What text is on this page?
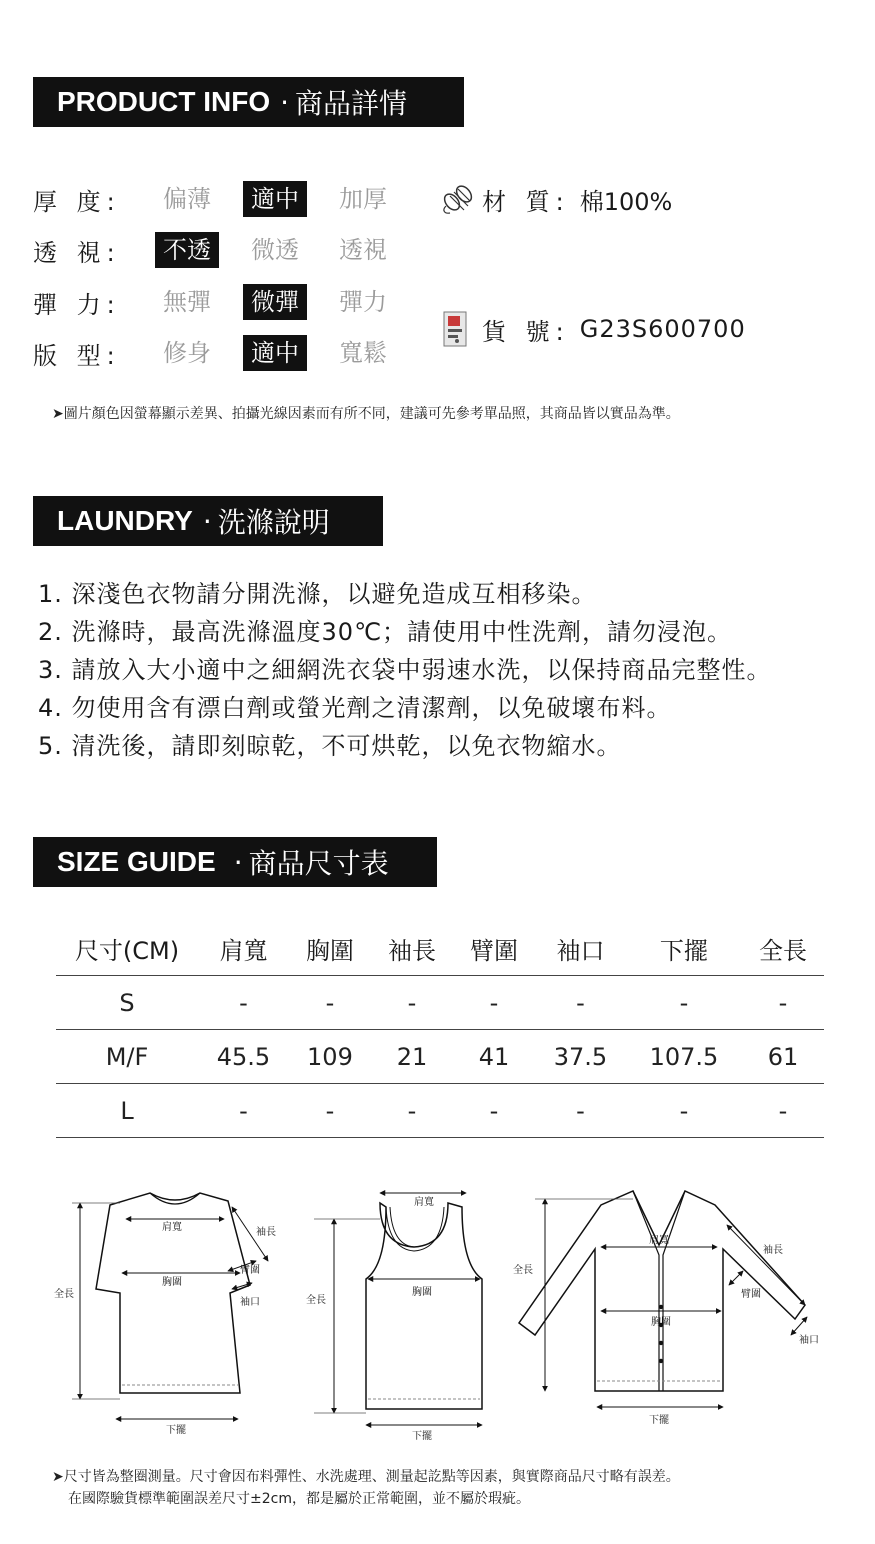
PRODUCT INFO · 商品詳情
厚 度:	偏薄	適中	加厚
透 視:	不透	微透	透視
彈 力:	無彈	微彈	彈力
版 型:	修身	適中	寬鬆
材 質: 棉100%
貨 號: G23S600700
➤圖片顏色因螢幕顯示差異、拍攝光線因素而有所不同，建議可先參考單品照，其商品皆以實品為準。
LAUNDRY · 洗滌說明
1. 深淺色衣物請分開洗滌，以避免造成互相移染。
2. 洗滌時，最高洗滌溫度30℃；請使用中性洗劑，請勿浸泡。
3. 請放入大小適中之細網洗衣袋中弱速水洗，以保持商品完整性。
4. 勿使用含有漂白劑或螢光劑之清潔劑，以免破壞布料。
5. 清洗後，請即刻晾乾，不可烘乾，以免衣物縮水。
SIZE GUIDE · 商品尺寸表
尺寸(CM)	肩寬	胸圍	袖長	臂圍	袖口	下擺	全長
S	-	-	-	-	-	-	-
M/F	45.5	109	21	41	37.5	107.5	61
L	-	-	-	-	-	-	-
全長
肩寬
胸圍
袖長
臂圍
袖口
下擺
肩寬
全長
胸圍
下擺
全長
肩寬
胸圍
袖長
臂圍
袖口
下擺
➤尺寸皆為整圈測量。尺寸會因布料彈性、水洗處理、測量起訖點等因素，與實際商品尺寸略有誤差。
在國際驗貨標準範圍誤差尺寸±2cm，都是屬於正常範圍，並不屬於瑕疵。
